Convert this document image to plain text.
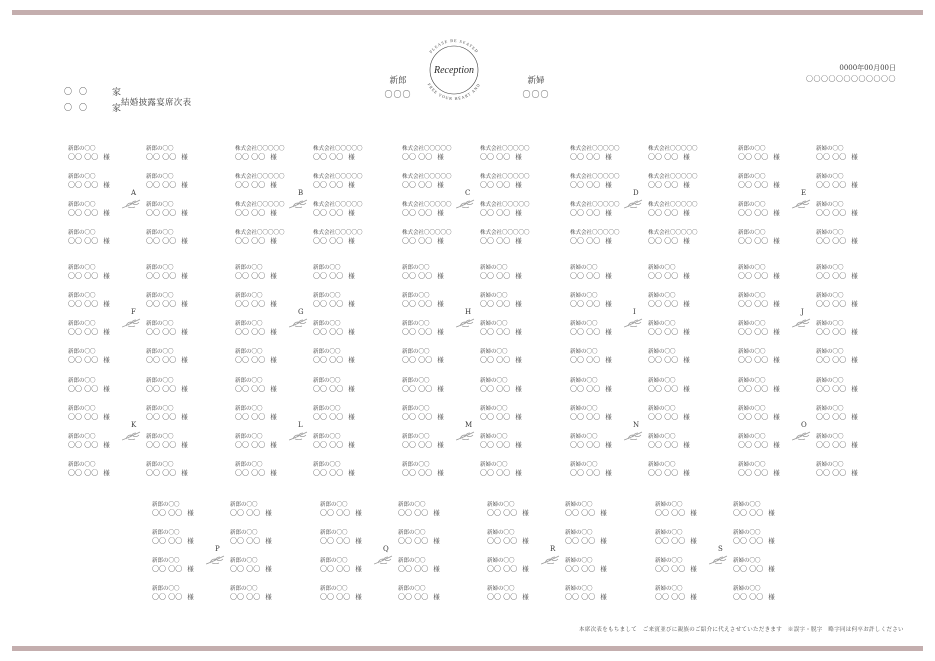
〇〇	家
〇〇	家
結婚披露宴席次表
新郎
〇〇〇
PLEASE BE SEATED
FREE YOUR HEART AND
Reception
新婦
〇〇〇
0000年00月00日
〇〇〇〇〇〇〇〇〇〇〇〇
新郎の〇〇
〇〇 〇〇 様
新郎の〇〇
〇〇 〇〇 様
新郎の〇〇
〇〇 〇〇 様
新郎の〇〇
〇〇 〇〇 様
新郎の〇〇
〇〇 〇〇 様
新郎の〇〇
〇〇 〇〇 様
新郎の〇〇
〇〇 〇〇 様
新郎の〇〇
〇〇 〇〇 様
A
株式会社〇〇〇〇〇
〇〇 〇〇 様
株式会社〇〇〇〇〇
〇〇 〇〇 様
株式会社〇〇〇〇〇
〇〇 〇〇 様
株式会社〇〇〇〇〇
〇〇 〇〇 様
株式会社〇〇〇〇〇
〇〇 〇〇 様
株式会社〇〇〇〇〇
〇〇 〇〇 様
株式会社〇〇〇〇〇
〇〇 〇〇 様
株式会社〇〇〇〇〇
〇〇 〇〇 様
B
株式会社〇〇〇〇〇
〇〇 〇〇 様
株式会社〇〇〇〇〇
〇〇 〇〇 様
株式会社〇〇〇〇〇
〇〇 〇〇 様
株式会社〇〇〇〇〇
〇〇 〇〇 様
株式会社〇〇〇〇〇
〇〇 〇〇 様
株式会社〇〇〇〇〇
〇〇 〇〇 様
株式会社〇〇〇〇〇
〇〇 〇〇 様
株式会社〇〇〇〇〇
〇〇 〇〇 様
C
株式会社〇〇〇〇〇
〇〇 〇〇 様
株式会社〇〇〇〇〇
〇〇 〇〇 様
株式会社〇〇〇〇〇
〇〇 〇〇 様
株式会社〇〇〇〇〇
〇〇 〇〇 様
株式会社〇〇〇〇〇
〇〇 〇〇 様
株式会社〇〇〇〇〇
〇〇 〇〇 様
株式会社〇〇〇〇〇
〇〇 〇〇 様
株式会社〇〇〇〇〇
〇〇 〇〇 様
D
新郎の〇〇
〇〇 〇〇 様
新婦の〇〇
〇〇 〇〇 様
新郎の〇〇
〇〇 〇〇 様
新婦の〇〇
〇〇 〇〇 様
新郎の〇〇
〇〇 〇〇 様
新婦の〇〇
〇〇 〇〇 様
新郎の〇〇
〇〇 〇〇 様
新婦の〇〇
〇〇 〇〇 様
E
新郎の〇〇
〇〇 〇〇 様
新郎の〇〇
〇〇 〇〇 様
新郎の〇〇
〇〇 〇〇 様
新郎の〇〇
〇〇 〇〇 様
新郎の〇〇
〇〇 〇〇 様
新郎の〇〇
〇〇 〇〇 様
新郎の〇〇
〇〇 〇〇 様
新郎の〇〇
〇〇 〇〇 様
F
新郎の〇〇
〇〇 〇〇 様
新郎の〇〇
〇〇 〇〇 様
新郎の〇〇
〇〇 〇〇 様
新郎の〇〇
〇〇 〇〇 様
新郎の〇〇
〇〇 〇〇 様
新郎の〇〇
〇〇 〇〇 様
新郎の〇〇
〇〇 〇〇 様
新郎の〇〇
〇〇 〇〇 様
G
新郎の〇〇
〇〇 〇〇 様
新婦の〇〇
〇〇 〇〇 様
新郎の〇〇
〇〇 〇〇 様
新婦の〇〇
〇〇 〇〇 様
新郎の〇〇
〇〇 〇〇 様
新婦の〇〇
〇〇 〇〇 様
新郎の〇〇
〇〇 〇〇 様
新婦の〇〇
〇〇 〇〇 様
H
新婦の〇〇
〇〇 〇〇 様
新婦の〇〇
〇〇 〇〇 様
新婦の〇〇
〇〇 〇〇 様
新婦の〇〇
〇〇 〇〇 様
新婦の〇〇
〇〇 〇〇 様
新婦の〇〇
〇〇 〇〇 様
新婦の〇〇
〇〇 〇〇 様
新婦の〇〇
〇〇 〇〇 様
I
新婦の〇〇
〇〇 〇〇 様
新婦の〇〇
〇〇 〇〇 様
新婦の〇〇
〇〇 〇〇 様
新婦の〇〇
〇〇 〇〇 様
新婦の〇〇
〇〇 〇〇 様
新婦の〇〇
〇〇 〇〇 様
新婦の〇〇
〇〇 〇〇 様
新婦の〇〇
〇〇 〇〇 様
J
新郎の〇〇
〇〇 〇〇 様
新郎の〇〇
〇〇 〇〇 様
新郎の〇〇
〇〇 〇〇 様
新郎の〇〇
〇〇 〇〇 様
新郎の〇〇
〇〇 〇〇 様
新郎の〇〇
〇〇 〇〇 様
新郎の〇〇
〇〇 〇〇 様
新郎の〇〇
〇〇 〇〇 様
K
新郎の〇〇
〇〇 〇〇 様
新郎の〇〇
〇〇 〇〇 様
新郎の〇〇
〇〇 〇〇 様
新郎の〇〇
〇〇 〇〇 様
新郎の〇〇
〇〇 〇〇 様
新郎の〇〇
〇〇 〇〇 様
新郎の〇〇
〇〇 〇〇 様
新郎の〇〇
〇〇 〇〇 様
L
新郎の〇〇
〇〇 〇〇 様
新婦の〇〇
〇〇 〇〇 様
新郎の〇〇
〇〇 〇〇 様
新婦の〇〇
〇〇 〇〇 様
新郎の〇〇
〇〇 〇〇 様
新婦の〇〇
〇〇 〇〇 様
新郎の〇〇
〇〇 〇〇 様
新婦の〇〇
〇〇 〇〇 様
M
新婦の〇〇
〇〇 〇〇 様
新婦の〇〇
〇〇 〇〇 様
新婦の〇〇
〇〇 〇〇 様
新婦の〇〇
〇〇 〇〇 様
新婦の〇〇
〇〇 〇〇 様
新婦の〇〇
〇〇 〇〇 様
新婦の〇〇
〇〇 〇〇 様
新婦の〇〇
〇〇 〇〇 様
N
新婦の〇〇
〇〇 〇〇 様
新婦の〇〇
〇〇 〇〇 様
新婦の〇〇
〇〇 〇〇 様
新婦の〇〇
〇〇 〇〇 様
新婦の〇〇
〇〇 〇〇 様
新婦の〇〇
〇〇 〇〇 様
新婦の〇〇
〇〇 〇〇 様
新婦の〇〇
〇〇 〇〇 様
O
新郎の〇〇
〇〇 〇〇 様
新郎の〇〇
〇〇 〇〇 様
新郎の〇〇
〇〇 〇〇 様
新郎の〇〇
〇〇 〇〇 様
新郎の〇〇
〇〇 〇〇 様
新郎の〇〇
〇〇 〇〇 様
新郎の〇〇
〇〇 〇〇 様
新郎の〇〇
〇〇 〇〇 様
P
新郎の〇〇
〇〇 〇〇 様
新郎の〇〇
〇〇 〇〇 様
新郎の〇〇
〇〇 〇〇 様
新郎の〇〇
〇〇 〇〇 様
新郎の〇〇
〇〇 〇〇 様
新郎の〇〇
〇〇 〇〇 様
新郎の〇〇
〇〇 〇〇 様
新郎の〇〇
〇〇 〇〇 様
Q
新婦の〇〇
〇〇 〇〇 様
新婦の〇〇
〇〇 〇〇 様
新婦の〇〇
〇〇 〇〇 様
新婦の〇〇
〇〇 〇〇 様
新婦の〇〇
〇〇 〇〇 様
新婦の〇〇
〇〇 〇〇 様
新婦の〇〇
〇〇 〇〇 様
新婦の〇〇
〇〇 〇〇 様
R
新婦の〇〇
〇〇 〇〇 様
新婦の〇〇
〇〇 〇〇 様
新婦の〇〇
〇〇 〇〇 様
新婦の〇〇
〇〇 〇〇 様
新婦の〇〇
〇〇 〇〇 様
新婦の〇〇
〇〇 〇〇 様
新婦の〇〇
〇〇 〇〇 様
新婦の〇〇
〇〇 〇〇 様
S
本席次表をもちまして　ご来賓並びに親族のご紹介に代えさせていただきます　※誤字・脱字　略字同は何卒お許しください
